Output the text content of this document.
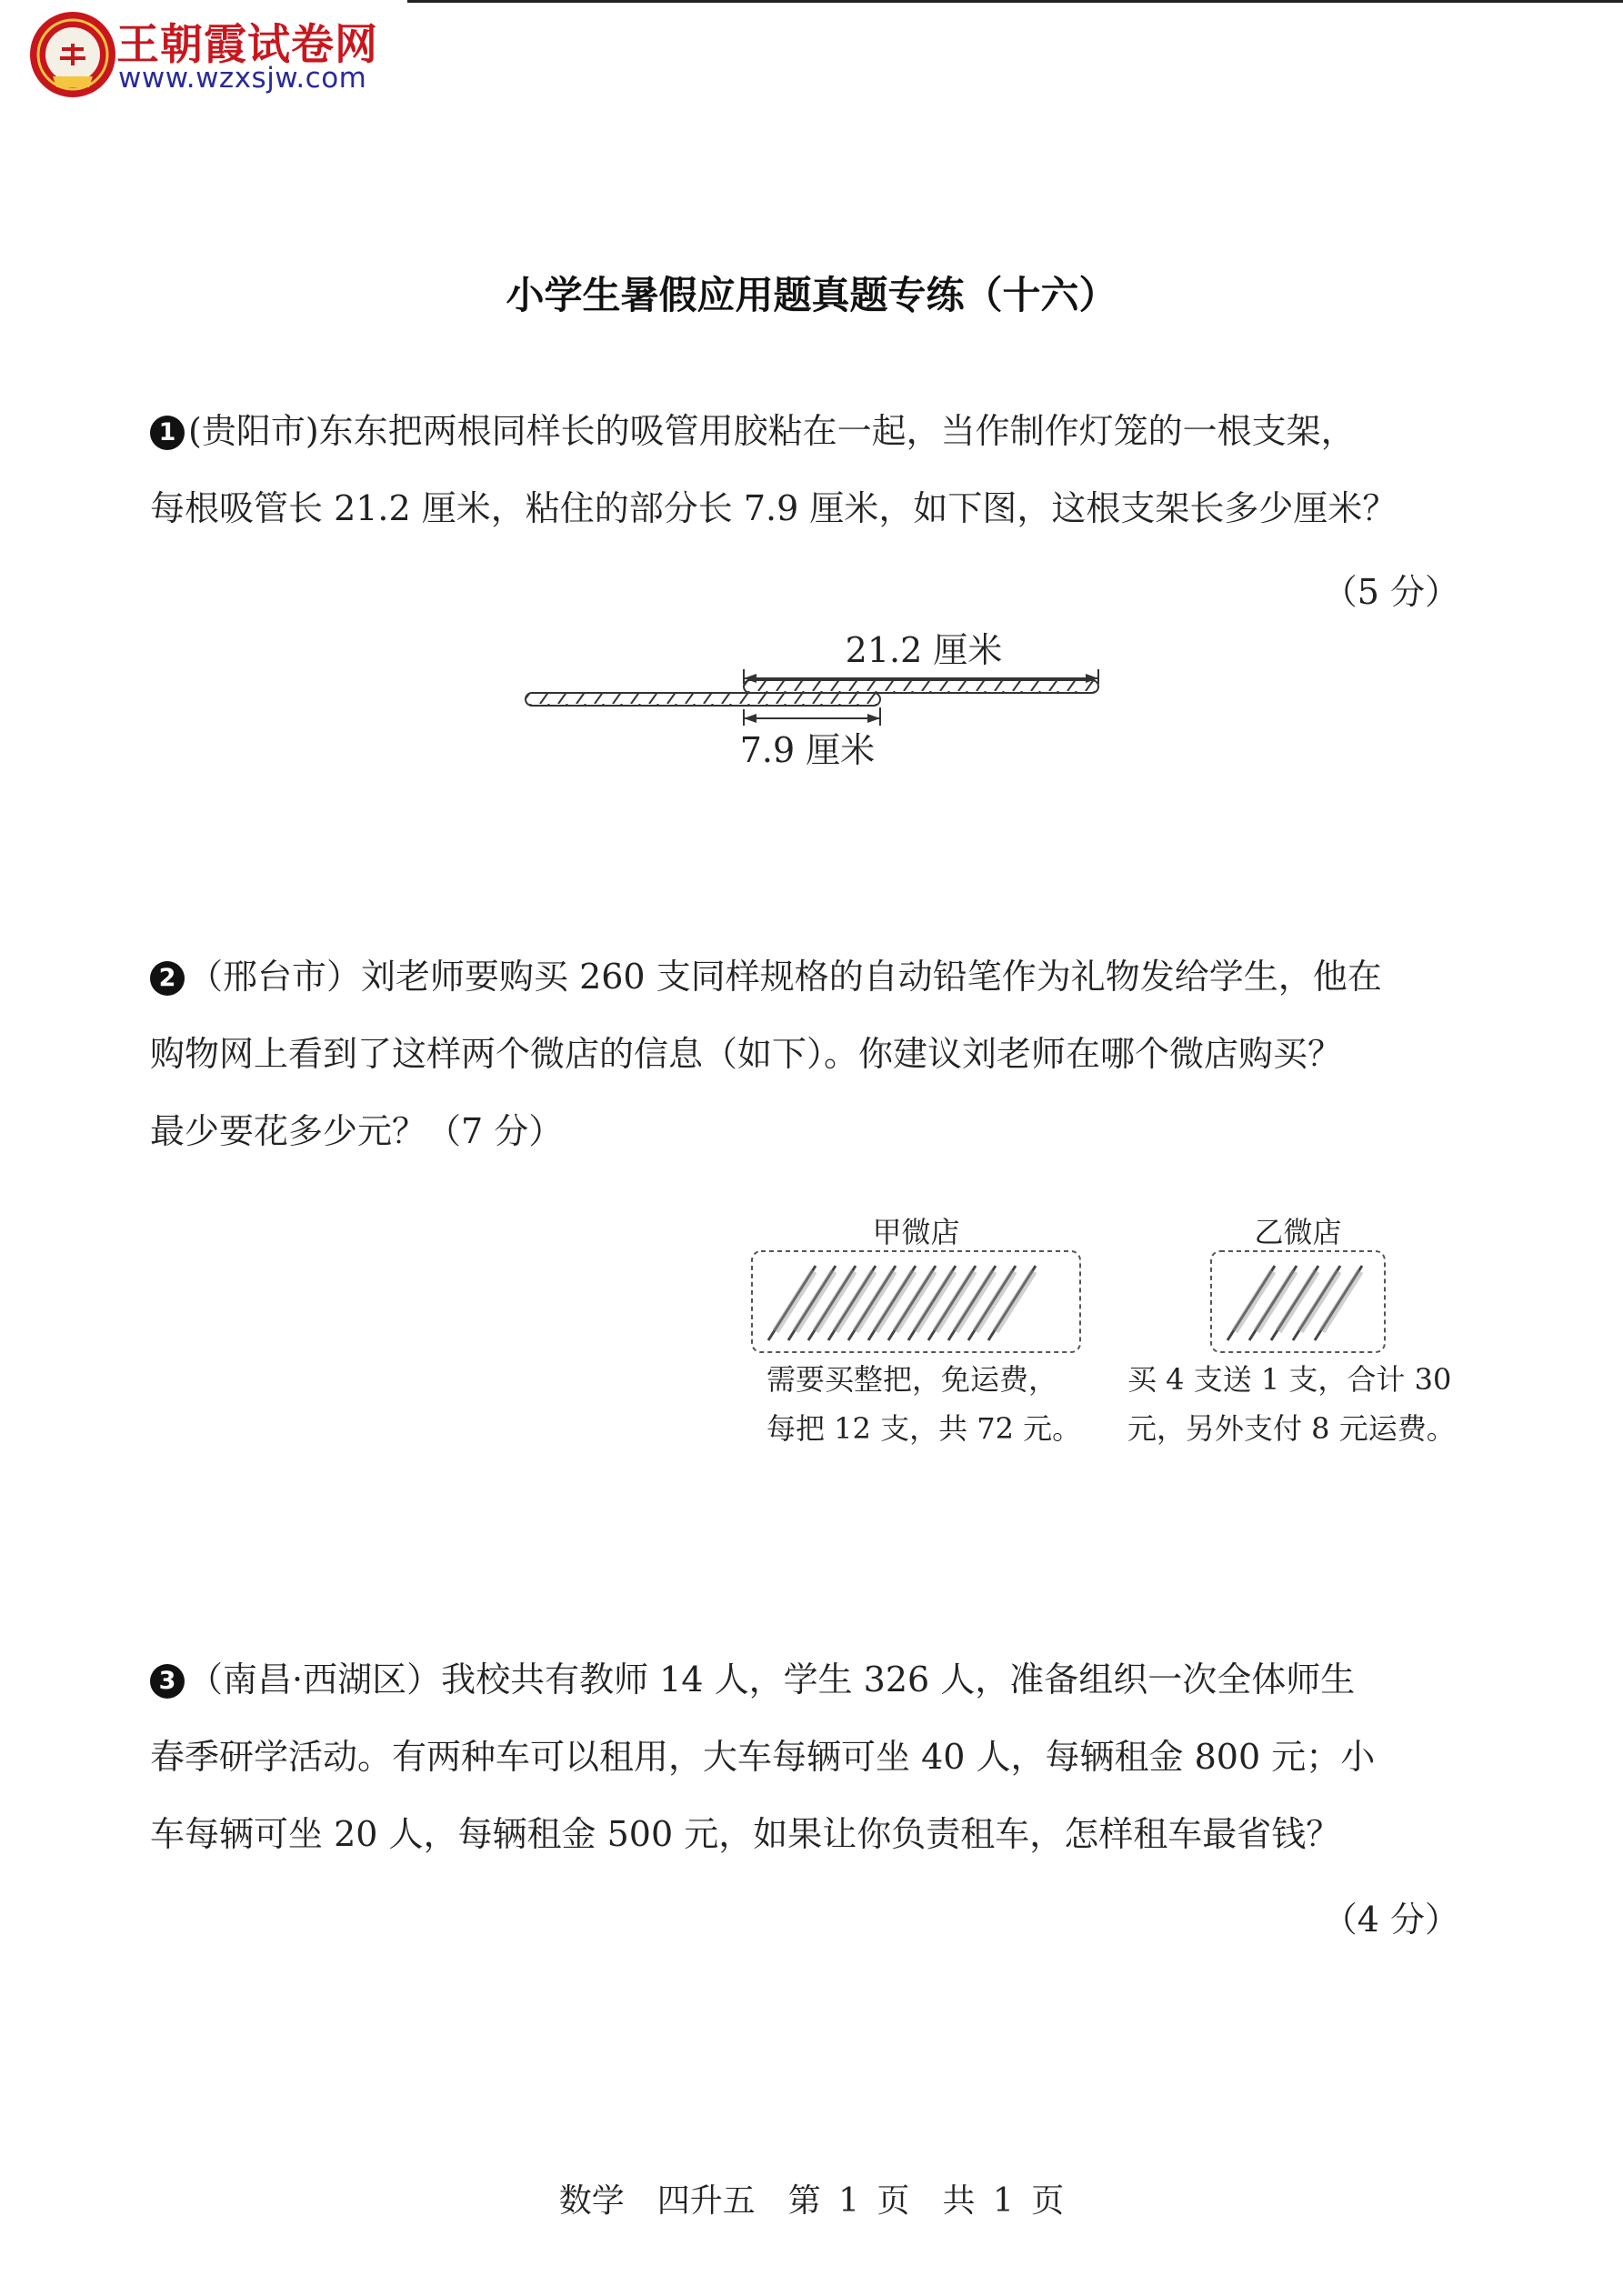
王朝霞试卷网
www.wzxsjw.com
小学生暑假应用题真题专练（十六）
1 (贵阳市)东东把两根同样长的吸管用胶粘在一起，当作制作灯笼的一根支架，
每根吸管长 21.2 厘米，粘住的部分长 7.9 厘米，如下图，这根支架长多少厘米？
（5 分）
21.2 厘米
7.9 厘米
2 （邢台市）刘老师要购买 260 支同样规格的自动铅笔作为礼物发给学生，他在
购物网上看到了这样两个微店的信息（如下）。你建议刘老师在哪个微店购买？
最少要花多少元？（7 分）
甲微店
需要买整把，免运费，
每把 12 支，共 72 元。
乙微店
买 4 支送 1 支，合计 30
元，另外支付 8 元运费。
3 （南昌·西湖区）我校共有教师 14 人，学生 326 人，准备组织一次全体师生
春季研学活动。有两种车可以租用，大车每辆可坐 40 人，每辆租金 800 元；小
车每辆可坐 20 人，每辆租金 500 元，如果让你负责租车，怎样租车最省钱？
（4 分）
数学　四升五　第 1 页　共 1 页
